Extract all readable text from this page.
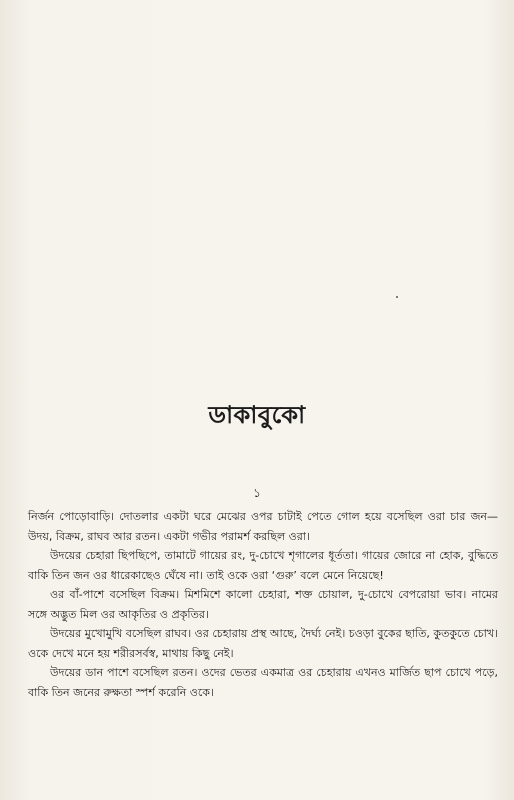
ডাকাবুকো
১

নির্জন পোড়োবাড়ি। দোতলার একটা ঘরে মেঝের ওপর চাটাই পেতে গোল হয়ে বসেছিল ওরা চার জন— উদয়, বিক্রম, রাঘব আর রতন। একটা গভীর পরামর্শ করছিল ওরা।

উদয়ের চেহারা ছিপছিপে, তামাটে গায়ের রং, দু-চোখে শৃগালের ধূর্ততা। গায়ের জোরে না হোক, বুদ্ধিতে বাকি তিন জন ওর ধারেকাছেও ঘেঁষে না। তাই ওকে ওরা ‘গুরু’ বলে মেনে নিয়েছে!

ওর বাঁ-পাশে বসেছিল বিক্রম। মিশমিশে কালো চেহারা, শক্ত চোয়াল, দু-চোখে বেপরোয়া ভাব। নামের সঙ্গে অদ্ভুত মিল ওর আকৃতির ও প্রকৃতির।

উদয়ের মুখোমুখি বসেছিল রাঘব। ওর চেহারায় প্রস্থ আছে, দৈর্ঘ্য নেই। চওড়া বুকের ছাতি, কুতকুতে চোখ। ওকে দেখে মনে হয় শরীরসর্বস্ব, মাথায় কিছু নেই।

উদয়ের ডান পাশে বসেছিল রতন। ওদের ভেতর একমাত্র ওর চেহারায় এখনও মার্জিত ছাপ চোখে পড়ে, বাকি তিন জনের রুক্ষতা স্পর্শ করেনি ওকে।
